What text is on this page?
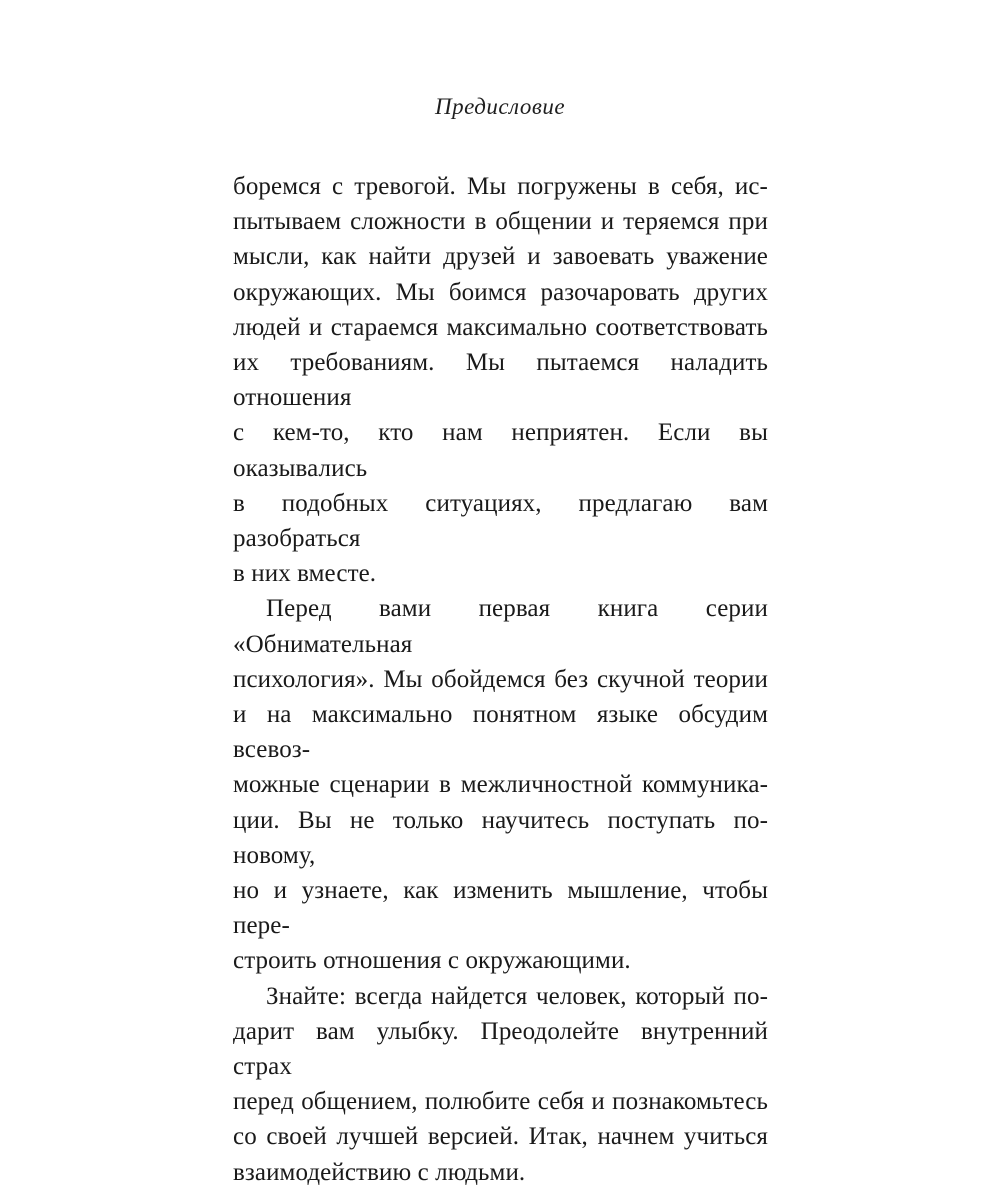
Предисловие
боремся с тревогой. Мы погружены в себя, ис-
пытываем сложности в общении и теряемся при
мысли, как найти друзей и завоевать уважение
окружающих. Мы боимся разочаровать других
людей и стараемся максимально соответствовать
их требованиям. Мы пытаемся наладить отношения
с кем-то, кто нам неприятен. Если вы оказывались
в подобных ситуациях, предлагаю вам разобраться
в них вместе.
Перед вами первая книга серии «Обнимательная
психология». Мы обойдемся без скучной теории
и на максимально понятном языке обсудим всевоз-
можные сценарии в межличностной коммуника-
ции. Вы не только научитесь поступать по-новому,
но и узнаете, как изменить мышление, чтобы пере-
строить отношения с окружающими.
Знайте: всегда найдется человек, который по-
дарит вам улыбку. Преодолейте внутренний страх
перед общением, полюбите себя и познакомьтесь
со своей лучшей версией. Итак, начнем учиться
взаимодействию с людьми.
